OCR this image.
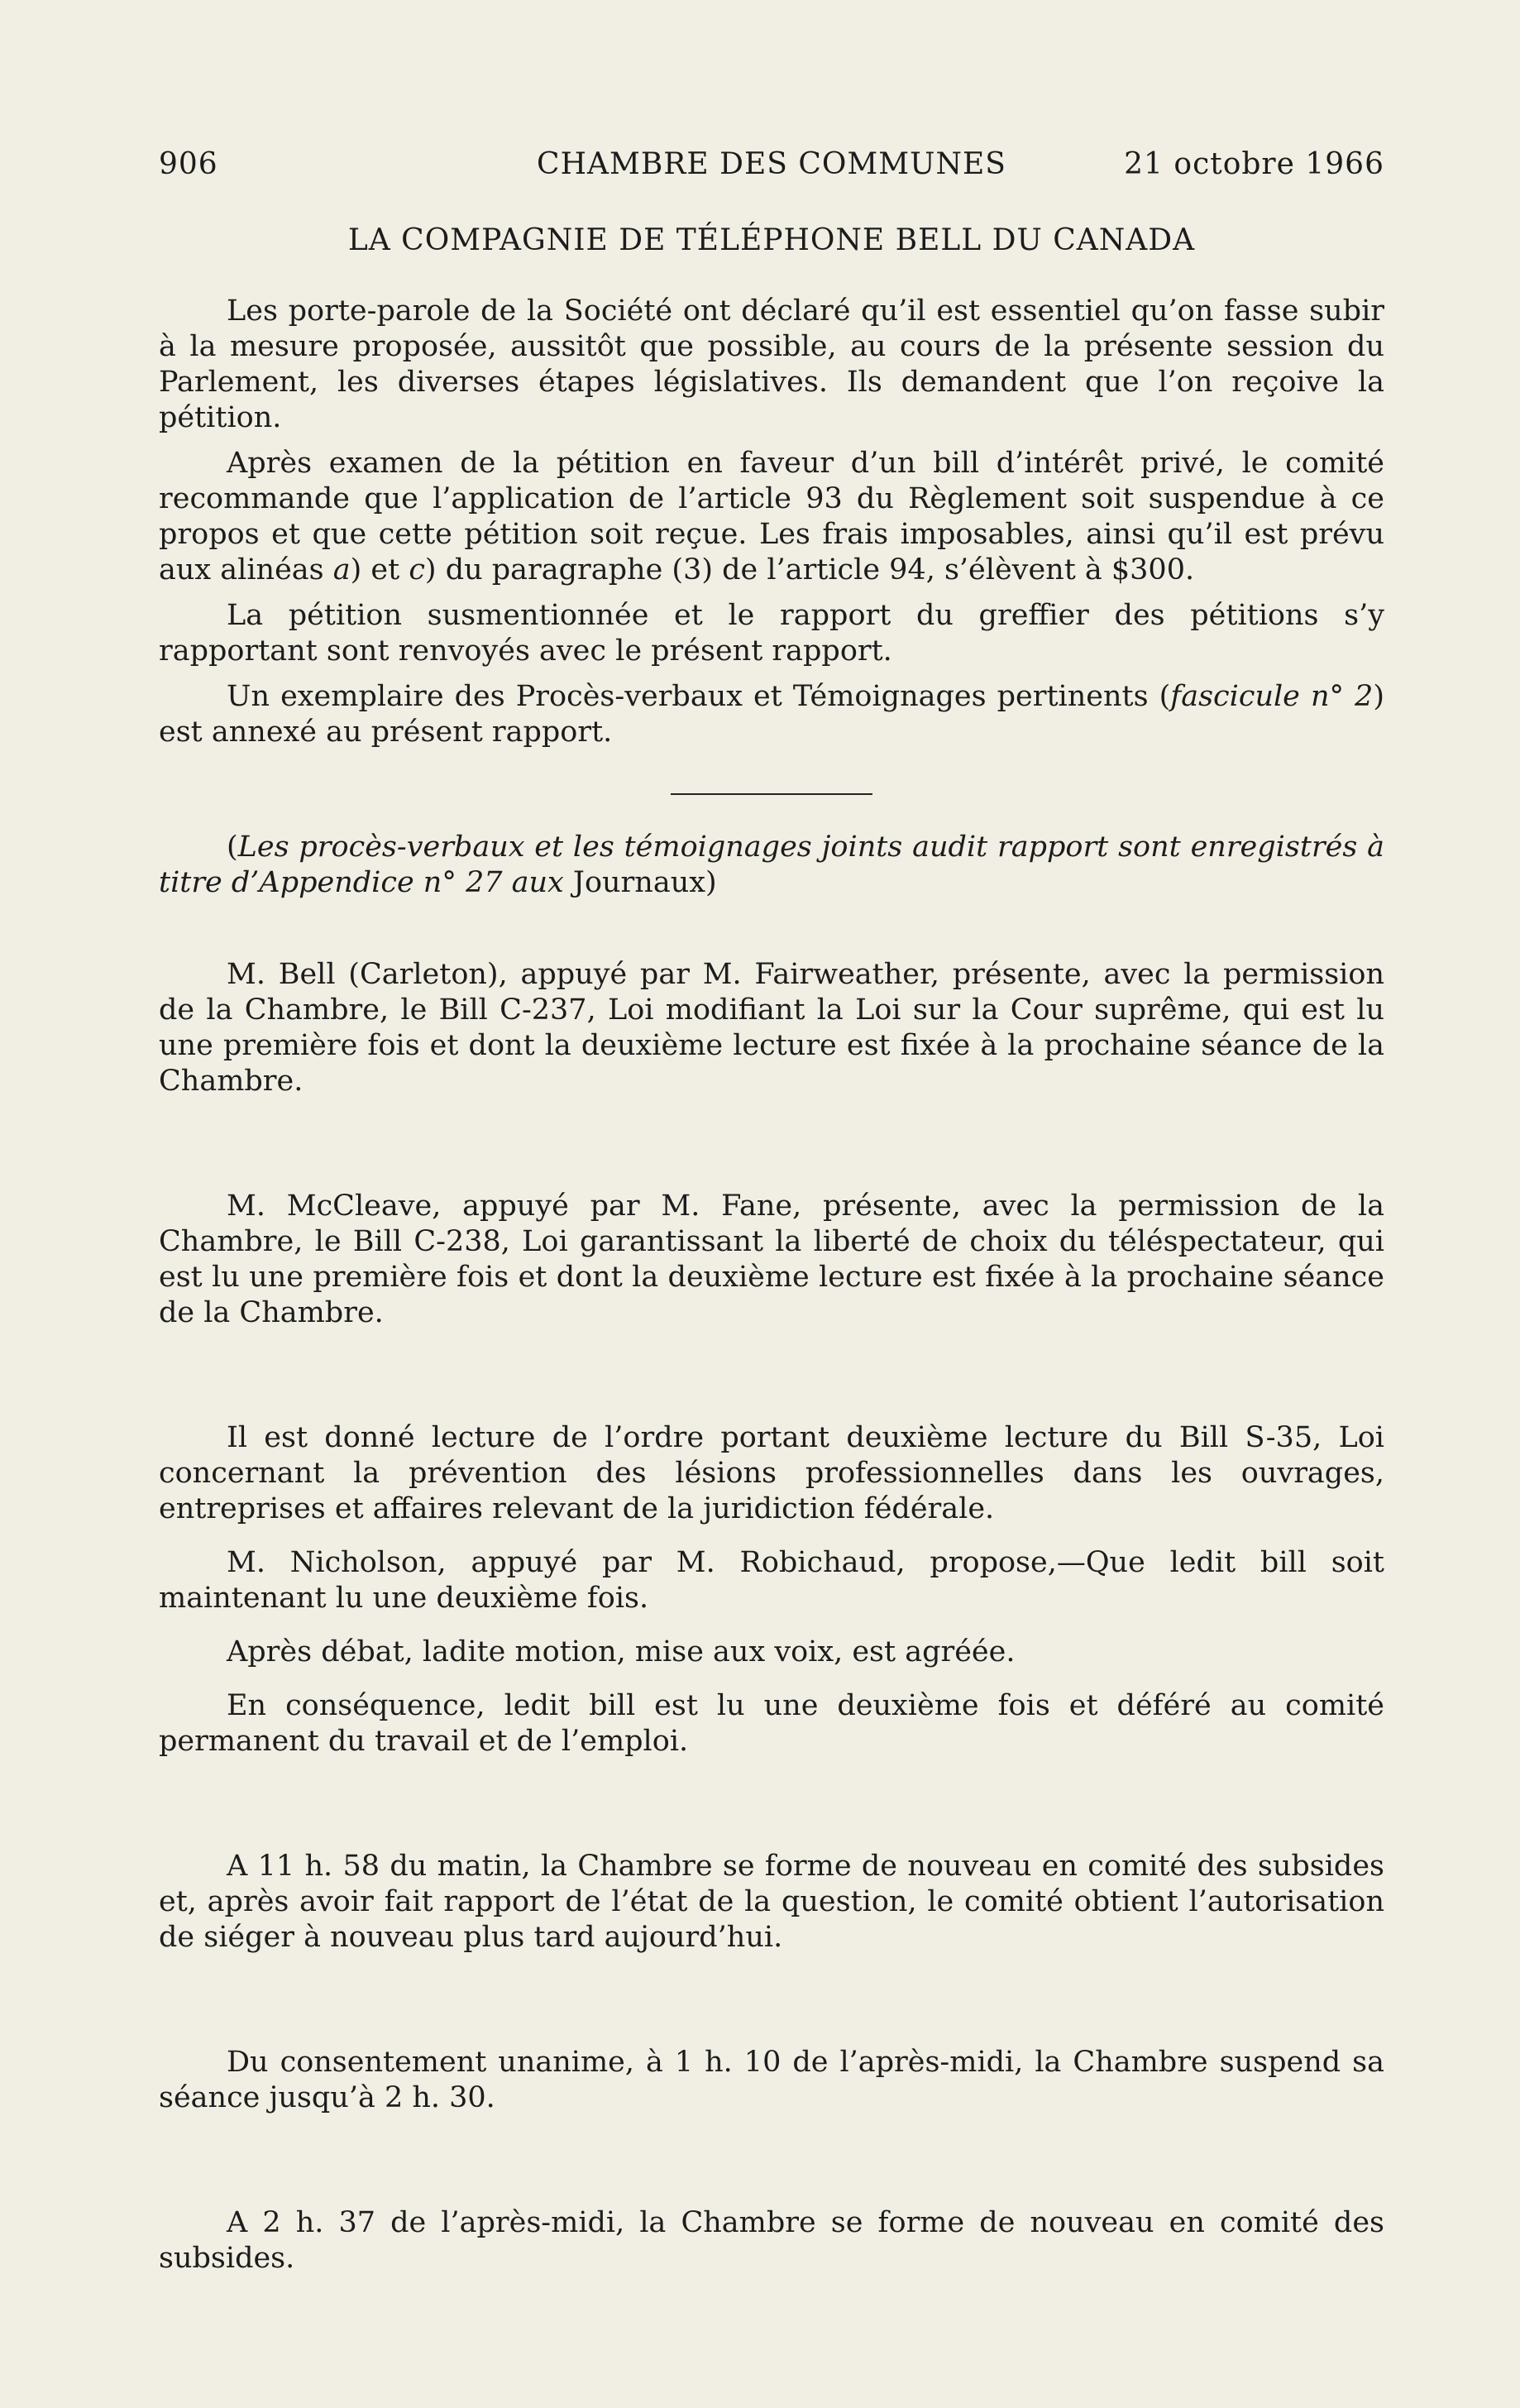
906	CHAMBRE DES COMMUNES	21 octobre 1966
LA COMPAGNIE DE TÉLÉPHONE BELL DU CANADA

Les porte-parole de la Société ont déclaré qu’il est essentiel qu’on fasse subir à la mesure proposée, aussitôt que possible, au cours de la présente session du Parlement, les diverses étapes législatives. Ils demandent que l’on reçoive la pétition.

Après examen de la pétition en faveur d’un bill d’intérêt privé, le comité recommande que l’application de l’article 93 du Règlement soit suspendue à ce propos et que cette pétition soit reçue. Les frais imposables, ainsi qu’il est prévu aux alinéas a) et c) du paragraphe (3) de l’article 94, s’élèvent à $300.

La pétition susmentionnée et le rapport du greffier des pétitions s’y rapportant sont renvoyés avec le présent rapport.

Un exemplaire des Procès-verbaux et Témoignages pertinents (fascicule n° 2) est annexé au présent rapport.

(Les procès-verbaux et les témoignages joints audit rapport sont enregistrés à titre d’Appendice n° 27 aux Journaux)

M. Bell (Carleton), appuyé par M. Fairweather, présente, avec la permission de la Chambre, le Bill C-237, Loi modifiant la Loi sur la Cour suprême, qui est lu une première fois et dont la deuxième lecture est fixée à la prochaine séance de la Chambre.

M. McCleave, appuyé par M. Fane, présente, avec la permission de la Chambre, le Bill C-238, Loi garantissant la liberté de choix du téléspectateur, qui est lu une première fois et dont la deuxième lecture est fixée à la prochaine séance de la Chambre.

Il est donné lecture de l’ordre portant deuxième lecture du Bill S-35, Loi concernant la prévention des lésions professionnelles dans les ouvrages, entreprises et affaires relevant de la juridiction fédérale.

M. Nicholson, appuyé par M. Robichaud, propose,—Que ledit bill soit maintenant lu une deuxième fois.

Après débat, ladite motion, mise aux voix, est agréée.

En conséquence, ledit bill est lu une deuxième fois et déféré au comité permanent du travail et de l’emploi.

A 11 h. 58 du matin, la Chambre se forme de nouveau en comité des subsides et, après avoir fait rapport de l’état de la question, le comité obtient l’autorisation de siéger à nouveau plus tard aujourd’hui.

Du consentement unanime, à 1 h. 10 de l’après-midi, la Chambre suspend sa séance jusqu’à 2 h. 30.

A 2 h. 37 de l’après-midi, la Chambre se forme de nouveau en comité des subsides.
